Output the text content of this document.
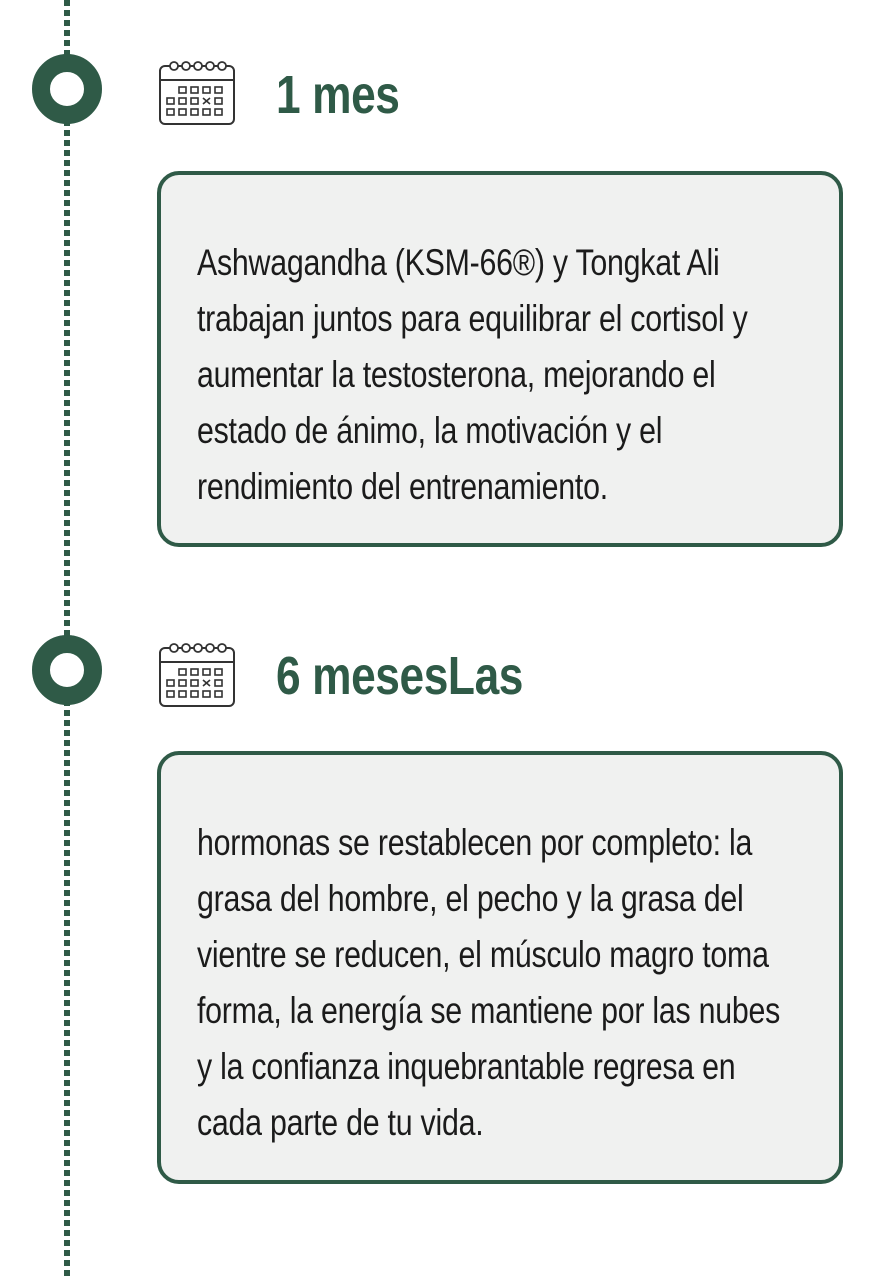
1 mes

Ashwagandha (KSM-66®) y Tongkat Ali trabajan juntos para equilibrar el cortisol y aumentar la testosterona, mejorando el estado de ánimo, la motivación y el rendimiento del entrenamiento.

6 mesesLas

hormonas se restablecen por completo: la grasa del hombre, el pecho y la grasa del vientre se reducen, el músculo magro toma forma, la energía se mantiene por las nubes y la confianza inquebrantable regresa en cada parte de tu vida.
